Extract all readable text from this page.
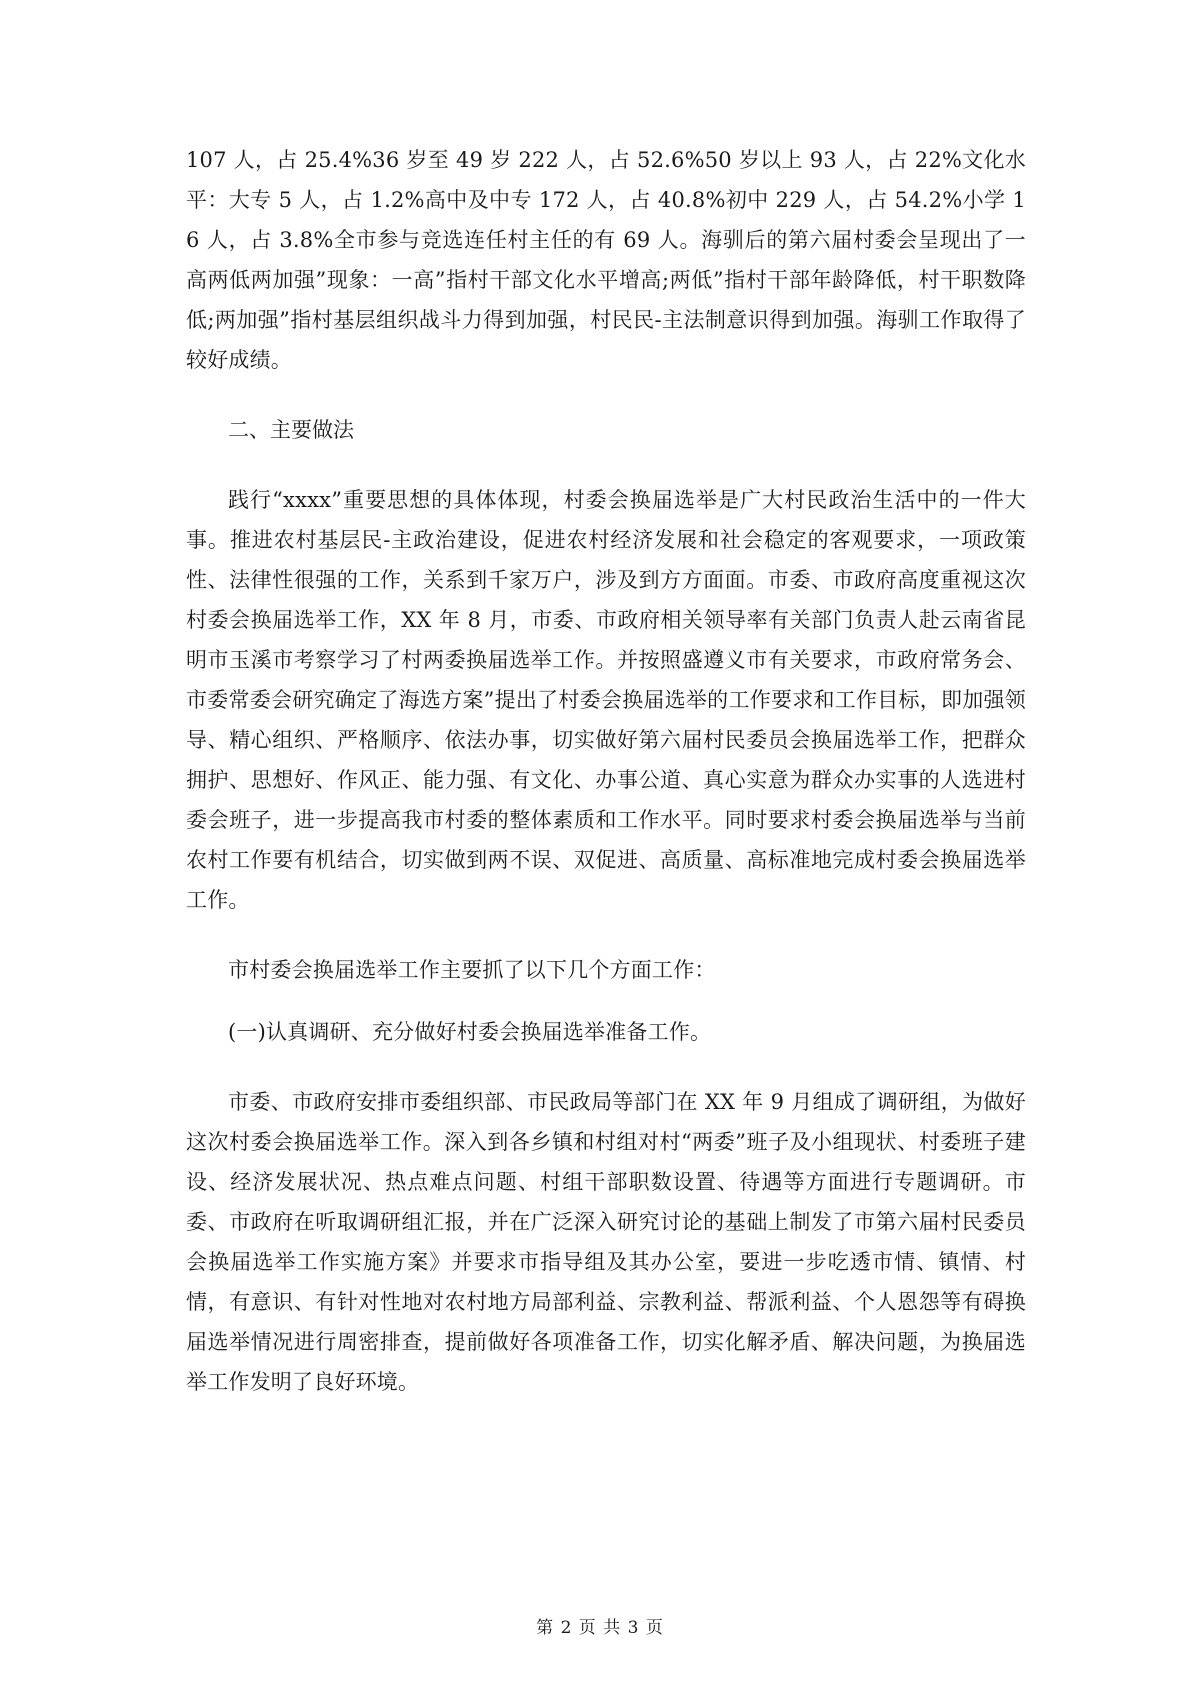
107 人，占 25.4%36 岁至 49 岁 222 人，占 52.6%50 岁以上 93 人，占 22%文化水平：大专 5 人，占 1.2%高中及中专 172 人，占 40.8%初中 229 人，占 54.2%小学 16 人，占 3.8%全市参与竞选连任村主任的有 69 人。海驯后的第六届村委会呈现出了一高两低两加强”现象：一高”指村干部文化水平增高;两低”指村干部年龄降低，村干职数降低;两加强”指村基层组织战斗力得到加强，村民民-主法制意识得到加强。海驯工作取得了较好成绩。

二、主要做法

践行“xxxx”重要思想的具体体现，村委会换届选举是广大村民政治生活中的一件大事。推进农村基层民-主政治建设，促进农村经济发展和社会稳定的客观要求，一项政策性、法律性很强的工作，关系到千家万户，涉及到方方面面。市委、市政府高度重视这次村委会换届选举工作，XX 年 8 月，市委、市政府相关领导率有关部门负责人赴云南省昆明市玉溪市考察学习了村两委换届选举工作。并按照盛遵义市有关要求，市政府常务会、市委常委会研究确定了海选方案”提出了村委会换届选举的工作要求和工作目标，即加强领导、精心组织、严格顺序、依法办事，切实做好第六届村民委员会换届选举工作，把群众拥护、思想好、作风正、能力强、有文化、办事公道、真心实意为群众办实事的人选进村委会班子，进一步提高我市村委的整体素质和工作水平。同时要求村委会换届选举与当前农村工作要有机结合，切实做到两不误、双促进、高质量、高标准地完成村委会换届选举工作。

市村委会换届选举工作主要抓了以下几个方面工作：

(一)认真调研、充分做好村委会换届选举准备工作。

市委、市政府安排市委组织部、市民政局等部门在 XX 年 9 月组成了调研组，为做好这次村委会换届选举工作。深入到各乡镇和村组对村“两委”班子及小组现状、村委班子建设、经济发展状况、热点难点问题、村组干部职数设置、待遇等方面进行专题调研。市委、市政府在听取调研组汇报，并在广泛深入研究讨论的基础上制发了市第六届村民委员会换届选举工作实施方案》并要求市指导组及其办公室，要进一步吃透市情、镇情、村情，有意识、有针对性地对农村地方局部利益、宗教利益、帮派利益、个人恩怨等有碍换届选举情况进行周密排查，提前做好各项准备工作，切实化解矛盾、解决问题，为换届选举工作发明了良好环境。

第 2 页 共 3 页
